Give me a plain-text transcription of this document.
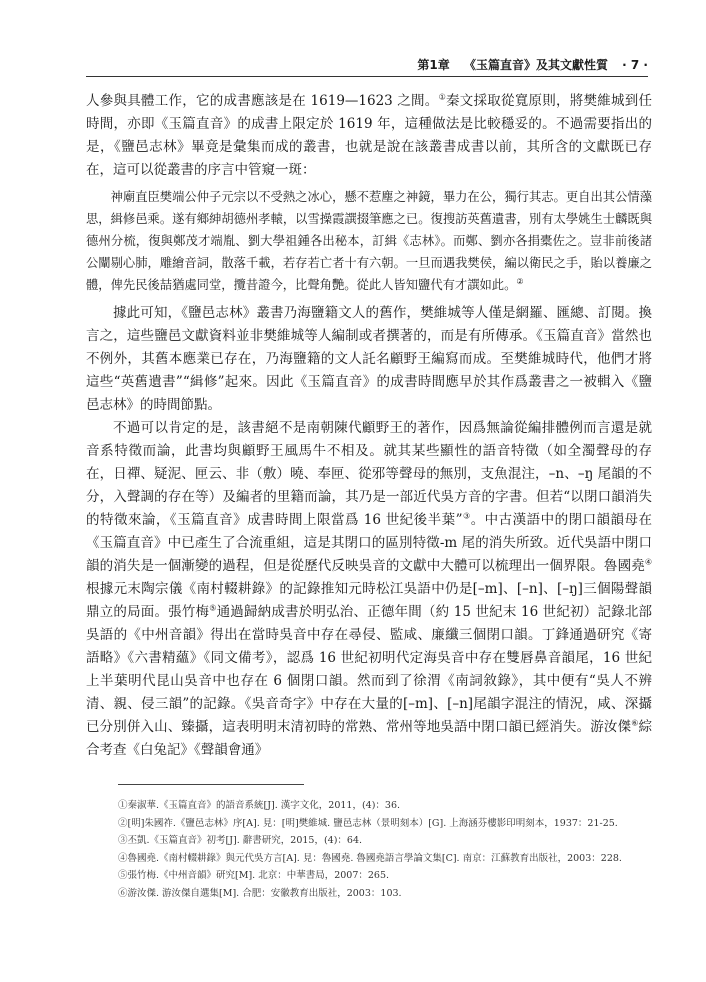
第1章 《玉篇直音》及其文獻性質 · 7 ·

人參與具體工作，它的成書應該是在 1619—1623 之間。①秦文採取從寬原則，將樊維城到任時間，亦即《玉篇直音》的成書上限定於 1619 年，這種做法是比較穩妥的。不過需要指出的是，《鹽邑志林》畢竟是彙集而成的叢書，也就是說在該叢書成書以前，其所含的文獻既已存在，這可以從叢書的序言中管窺一斑：

神廟直臣樊端公仲子元宗以不受熱之冰心，懸不惹塵之神鏡，畢力在公，獨行其志。更自出其公情藻思，緝修邑乘。遂有鄉紳胡德州孝轅，以雪操霞譔掇筆應之已。復搜訪英舊遺書，別有太學姚生士麟既與德州分梳，復與鄭茂才端胤、劉大學祖鍾各出秘本，訂緝《志林》。而鄭、劉亦各捐橐佐之。豈非前後諸公闡剔心肺，雕繪音詞，散落千載，若存若亡者十有六朝。一旦而遇我樊侯，編以衛民之手，貽以養廉之體，俾先民後喆猶處同堂，攬昔證今，比聲角艷。從此人皆知鹽代有才譔如此。②

據此可知，《鹽邑志林》叢書乃海鹽籍文人的舊作，樊維城等人僅是網羅、匯總、訂閱。換言之，這些鹽邑文獻資料並非樊維城等人編制或者撰著的，而是有所傳承。《玉篇直音》當然也不例外，其舊本應業已存在，乃海鹽籍的文人託名顧野王編寫而成。至樊維城時代，他們才將這些“英舊遺書”“緝修”起來。因此《玉篇直音》的成書時間應早於其作爲叢書之一被輯入《鹽邑志林》的時間節點。

不過可以肯定的是，該書絕不是南朝陳代顧野王的著作，因爲無論從編排體例而言還是就音系特徵而論，此書均與顧野王風馬牛不相及。就其某些顯性的語音特徵（如全濁聲母的存在，日禪、疑泥、匣云、非（敷）曉、奉匣、從邪等聲母的無別，支魚混注，–n、–ŋ 尾韻的不分，入聲調的存在等）及編者的里籍而論，其乃是一部近代吳方音的字書。但若“以閉口韻消失的特徵來論，《玉篇直音》成書時間上限當爲 16 世紀後半葉”③。中古漢語中的閉口韻韻母在《玉篇直音》中已產生了合流重組，這是其閉口的區別特徵-m 尾的消失所致。近代吳語中閉口韻的消失是一個漸變的過程，但是從歷代反映吳音的文獻中大體可以梳理出一個界限。魯國堯④根據元末陶宗儀《南村輟耕錄》的記錄推知元時松江吳語中仍是[–m]、[–n]、[–ŋ]三個陽聲韻鼎立的局面。張竹梅⑤通過歸納成書於明弘治、正德年間（約 15 世紀末 16 世紀初）記錄北部吳語的《中州音韻》得出在當時吳音中存在尋侵、監咸、廉纖三個閉口韻。丁鋒通過研究《寄語略》《六書精蘊》《同文備考》，認爲 16 世紀初明代定海吳音中存在雙唇鼻音韻尾，16 世紀上半葉明代昆山吳音中也存在 6 個閉口韻。然而到了徐渭《南詞敘錄》，其中便有“吳人不辨清、親、侵三韻”的記錄。《吳音奇字》中存在大量的[–m]、[–n]尾韻字混注的情況，咸、深攝已分別併入山、臻攝，這表明明末清初時的常熟、常州等地吳語中閉口韻已經消失。游汝傑⑥綜合考查《白兔記》《聲韻會通》

①秦淑華.《玉篇直音》的語音系統[J]. 漢字文化，2011，(4)：36.
②[明]朱國祚.《鹽邑志林》序[A]. 見：[明]樊維城. 鹽邑志林（景明刻本）[G]. 上海涵芬樓影印明刻本，1937：21-25.
③丕凱.《玉篇直音》初考[J]. 辭書研究，2015，(4)：64.
④魯國堯.《南村輟耕錄》與元代吳方言[A]. 見：魯國堯. 魯國堯語言學論文集[C]. 南京：江蘇教育出版社，2003：228.
⑤張竹梅.《中州音韻》研究[M]. 北京：中華書局，2007：265.
⑥游汝傑. 游汝傑自選集[M]. 合肥：安徽教育出版社，2003：103.
